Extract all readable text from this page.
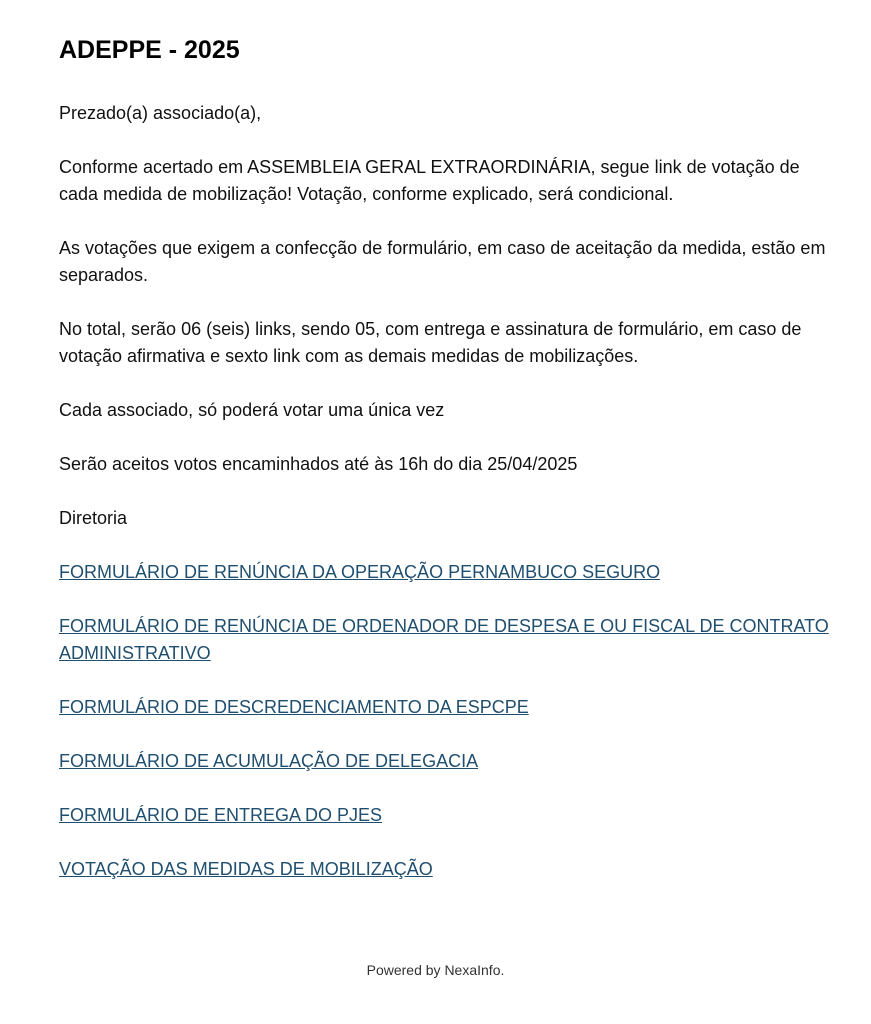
ADEPPE - 2025
Prezado(a) associado(a),
Conforme acertado em ASSEMBLEIA GERAL EXTRAORDINÁRIA, segue link de votação de cada medida de mobilização! Votação, conforme explicado, será condicional.
As votações que exigem a confecção de formulário, em caso de aceitação da medida, estão em separados.
No total, serão 06 (seis) links, sendo 05, com entrega e assinatura de formulário, em caso de votação afirmativa e sexto link com as demais medidas de mobilizações.
Cada associado, só poderá votar uma única vez
Serão aceitos votos encaminhados até às 16h do dia 25/04/2025
Diretoria
FORMULÁRIO DE RENÚNCIA DA OPERAÇÃO PERNAMBUCO SEGURO
FORMULÁRIO DE RENÚNCIA DE ORDENADOR DE DESPESA E OU FISCAL DE CONTRATO ADMINISTRATIVO
FORMULÁRIO DE DESCREDENCIAMENTO DA ESPCPE
FORMULÁRIO DE ACUMULAÇÃO DE DELEGACIA
FORMULÁRIO DE ENTREGA DO PJES
VOTAÇÃO DAS MEDIDAS DE MOBILIZAÇÃO
Powered by NexaInfo.
